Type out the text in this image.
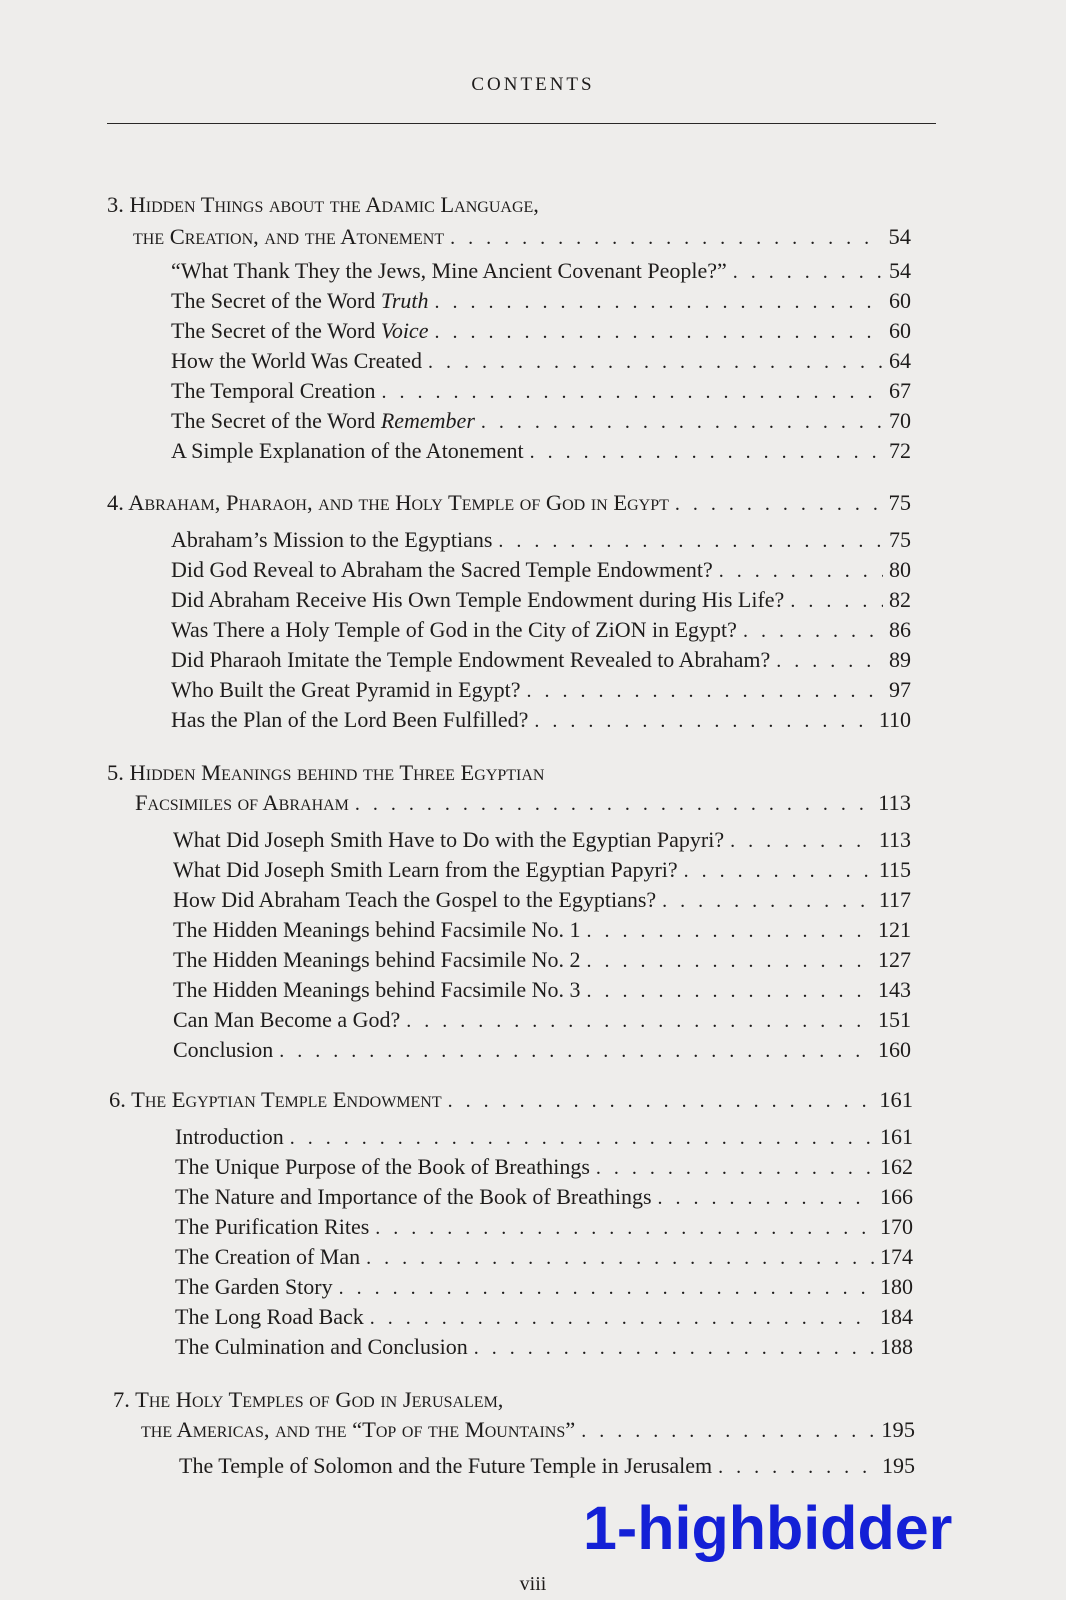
CONTENTS
3. Hidden Things about the Adamic Language,
the Creation, and the Atonement . . .	54
“What Thank They the Jews, Mine Ancient Covenant People?” . . .	54
The Secret of the Word Truth . . .	60
The Secret of the Word Voice . . .	60
How the World Was Created . . .	64
The Temporal Creation . . .	67
The Secret of the Word Remember . . .	70
A Simple Explanation of the Atonement . . .	72
4. Abraham, Pharaoh, and the Holy Temple of God in Egypt . . .	75
Abraham’s Mission to the Egyptians . . .	75
Did God Reveal to Abraham the Sacred Temple Endowment? . . .	80
Did Abraham Receive His Own Temple Endowment during His Life? . . .	82
Was There a Holy Temple of God in the City of ZiON in Egypt? . . .	86
Did Pharaoh Imitate the Temple Endowment Revealed to Abraham? . . .	89
Who Built the Great Pyramid in Egypt? . . .	97
Has the Plan of the Lord Been Fulfilled? . . .	110
5. Hidden Meanings behind the Three Egyptian
Facsimiles of Abraham . . .	113
What Did Joseph Smith Have to Do with the Egyptian Papyri? . . .	113
What Did Joseph Smith Learn from the Egyptian Papyri? . . .	115
How Did Abraham Teach the Gospel to the Egyptians? . . .	117
The Hidden Meanings behind Facsimile No. 1 . . .	121
The Hidden Meanings behind Facsimile No. 2 . . .	127
The Hidden Meanings behind Facsimile No. 3 . . .	143
Can Man Become a God? . . .	151
Conclusion . . .	160
6. The Egyptian Temple Endowment . . .	161
Introduction . . .	161
The Unique Purpose of the Book of Breathings . . .	162
The Nature and Importance of the Book of Breathings . . .	166
The Purification Rites . . .	170
The Creation of Man . . .	174
The Garden Story . . .	180
The Long Road Back . . .	184
The Culmination and Conclusion . . .	188
7. The Holy Temples of God in Jerusalem,
the Americas, and the “Top of the Mountains” . . .	195
The Temple of Solomon and the Future Temple in Jerusalem . . .	195
1-highbidder
viii
